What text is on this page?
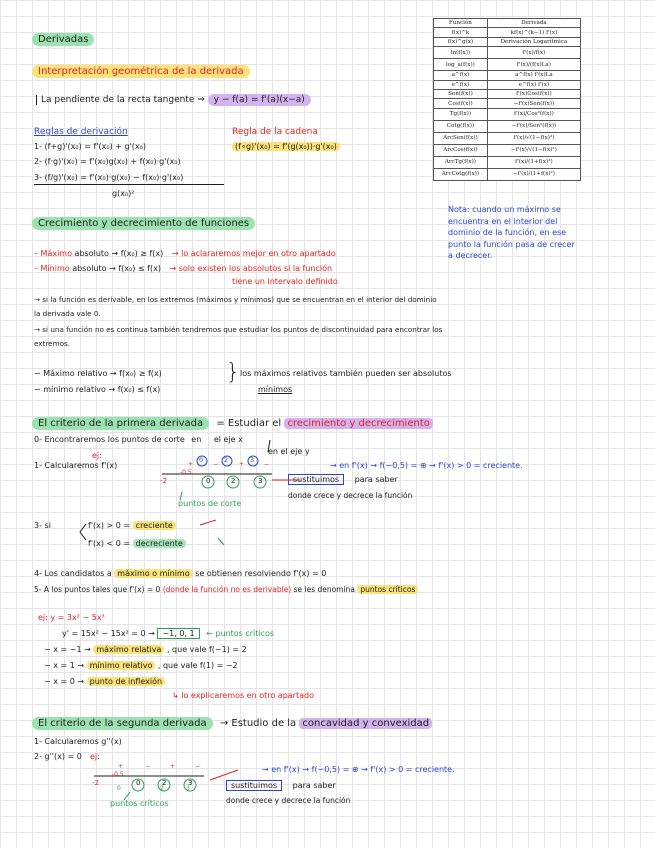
Derivadas
Interpretación geométrica de la derivada
La pendiente de la recta tangente ⇒ y − f(a) = f'(a)(x−a)
Reglas de derivación
1- (f+g)'(x₀) = f'(x₀) + g'(x₀)
2- (f·g)'(x₀) = f'(x₀)g(x₀) + f(x₀)·g'(x₀)
3- (f/g)'(x₀) = f'(x₀)·g(x₀) − f(x₀)·g'(x₀)
g(x₀)²
Regla de la cadena
(f∘g)'(x₀) = f'(g(x₀))·g'(x₀)
Función	Derivada
f(x)^k	kf(x)^(k−1) f'(x)
f(x)^g(x)	Derivación Logarítmica
ln(f(x))	f'(x)/f(x)
log_a(f(x))	f'(x)/(f(x)La)
a^f(x)	a^f(x) f'(x)La
e^f(x)	e^f(x) f'(x)
Sen(f(x))	f'(x)Cos(f(x))
Cos(f(x))	−f'(x)Sen(f(x))
Tg(f(x))	f'(x)/Cos²(f(x))
Cotg(f(x))	−f'(x)/Sen²(f(x))
ArcSen(f(x))	f'(x)/√(1−f(x)²)
ArcCos(f(x))	−f'(x)/√(1−f(x)²)
ArcTg(f(x))	f'(x)/(1+f(x)²)
ArcCotg(f(x))	−f'(x)/(1+f(x)²)
Crecimiento y decrecimiento de funciones
Nota: cuando un máximo se
encuentra en el interior del
dominio de la función, en ese
punto la función pasa de crecer
a decrecer.
– Máximo absoluto → f(x₀) ≥ f(x) → lo aclararemos mejor en otro apartado
– Mínimo absoluto → f(x₀) ≤ f(x) → solo existen los absolutos si la función
tiene un intervalo definido
→ si la función es derivable, en los extremos (máximos y mínimos) que se encuentran en el interior del dominio
la derivada vale 0.
→ si una función no es continua también tendremos que estudiar los puntos de discontinuidad para encontrar los
extremos.
− Máximo relativo → f(x₀) ≥ f(x)
− mínimo relativo → f(x₀) ≤ f(x)
} los máximos relativos también pueden ser absolutos
mínimos
El criterio de la primera derivada = Estudiar el crecimiento y decrecimiento
0- Encontraremos los puntos de corte en el eje x
en el eje y
ej:
1- Calcularemos f'(x)
-2
-0,5
0	2	3
0	2	3
+	−	+	−
puntos de corte
sustituimos para saber
donde crece y decrece la función
→ en f'(x) → f(−0,5) = ⊕ → f'(x) > 0 = creciente.
3- si	f'(x) > 0 = creciente
f'(x) < 0 = decreciente
4- Los candidatos a máximo o mínimo se obtienen resolviendo f'(x) = 0
5- A los puntos tales que f'(x) = 0 (donde la función no es derivable) se les denomina puntos críticos
ej: y = 3x² − 5x³
y' = 15x² − 15x² = 0 → −1, 0, 1 ← puntos críticos
− x = −1 → máximo relativa , que vale f(−1) = 2
− x = 1 → mínimo relativo , que vale f(1) = −2
− x = 0 → punto de inflexión
↳ lo explicaremos en otro apartado
El criterio de la segunda derivada → Estudio de la concavidad y convexidad
1- Calcularemos g''(x)
2- g''(x) = 0 ej:
-2
-0,5
0	2	3
0	2	3
+	−	+	−
puntos críticos
sustituimos para saber
donde crece y decrece la función
→ en f'(x) → f(−0,5) = ⊕ → f'(x) > 0 = creciente.
